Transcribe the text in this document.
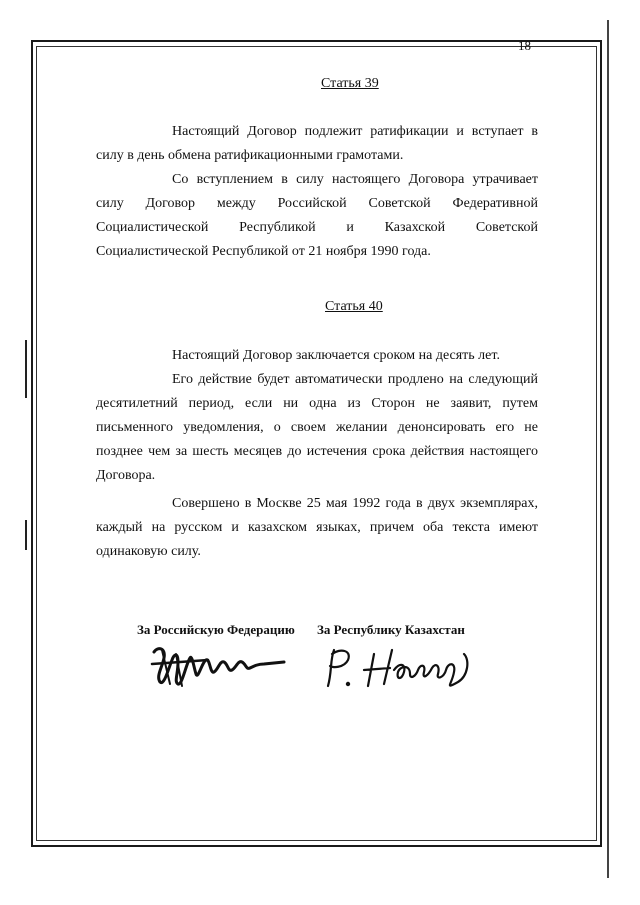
18
Статья 39
Настоящий Договор подлежит ратификации и вступает в силу в день обмена ратификационными грамотами.
Со вступлением в силу настоящего Договора утрачивает силу Договор между Российской Советской Федеративной Социалистической Республикой и Казахской Советской Социалистической Республикой от 21 ноября 1990 года.
Статья 40
Настоящий Договор заключается сроком на десять лет.
Его действие будет автоматически продлено на следующий десятилетний период, если ни одна из Сторон не заявит, путем письменного уведомления, о своем желании денонсировать его не позднее чем за шесть месяцев до истечения срока действия настоящего Договора.
Совершено в Москве 25 мая 1992 года в двух экземплярах, каждый на русском и казахском языках, причем оба текста имеют одинаковую силу.
За Российскую Федерацию За Республику Казахстан
Н. Назарбаев
